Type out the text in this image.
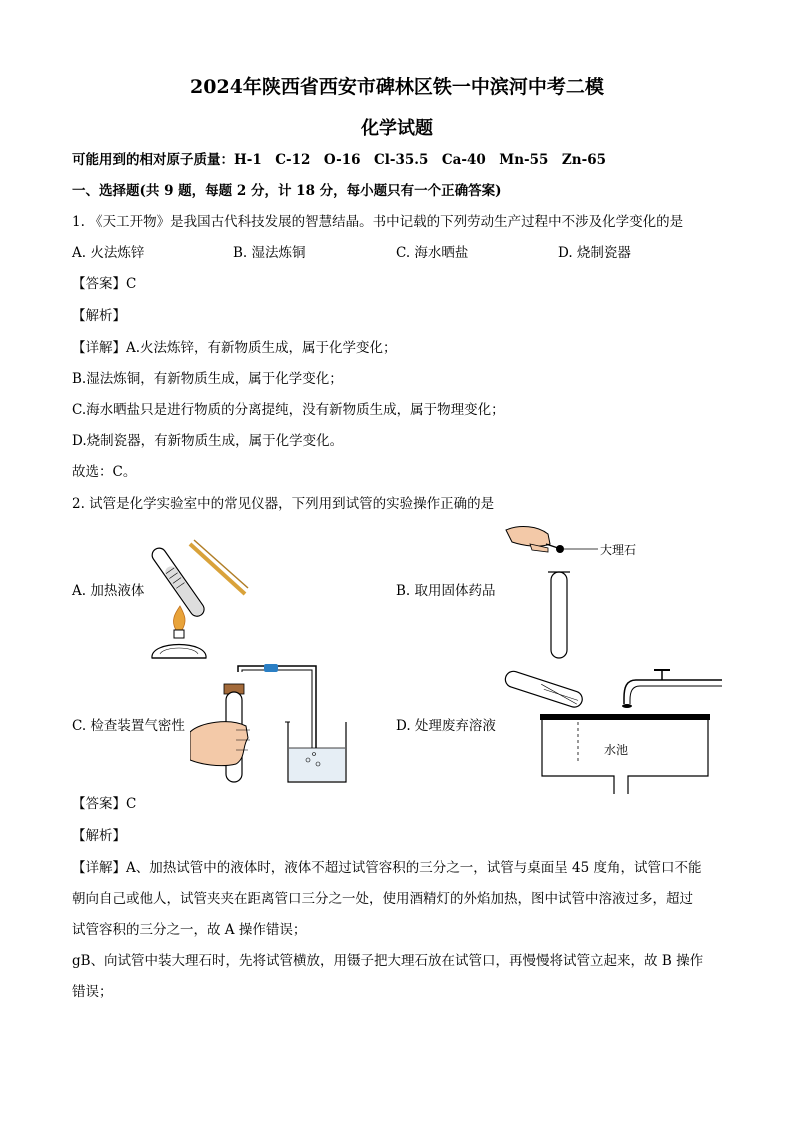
2024年陕西省西安市碑林区铁一中滨河中考二模
化学试题
可能用到的相对原子质量：H-1　C-12　O-16　Cl-35.5　Ca-40　Mn-55　Zn-65
一、选择题(共 9 题，每题 2 分，计 18 分，每小题只有一个正确答案)
1. 《天工开物》是我国古代科技发展的智慧结晶。书中记载的下列劳动生产过程中不涉及化学变化的是
A. 火法炼锌	B. 湿法炼铜	C. 海水晒盐	D. 烧制瓷器
【答案】C
【解析】
【详解】A.火法炼锌，有新物质生成，属于化学变化；
B.湿法炼铜，有新物质生成，属于化学变化；
C.海水晒盐只是进行物质的分离提纯，没有新物质生成，属于物理变化；
D.烧制瓷器，有新物质生成，属于化学变化。
故选：C。
2. 试管是化学实验室中的常见仪器，下列用到试管的实验操作正确的是
A. 加热液体	B. 取用固体药品
C. 检查装置气密性	D. 处理废弃溶液
大理石
水池
【答案】C
【解析】
【详解】A、加热试管中的液体时，液体不超过试管容积的三分之一，试管与桌面呈 45 度角，试管口不能
朝向自己或他人，试管夹夹在距离管口三分之一处，使用酒精灯的外焰加热，图中试管中溶液过多，超过
试管容积的三分之一，故 A 操作错误；
gB、向试管中装大理石时，先将试管横放，用镊子把大理石放在试管口，再慢慢将试管立起来，故 B 操作
错误；
